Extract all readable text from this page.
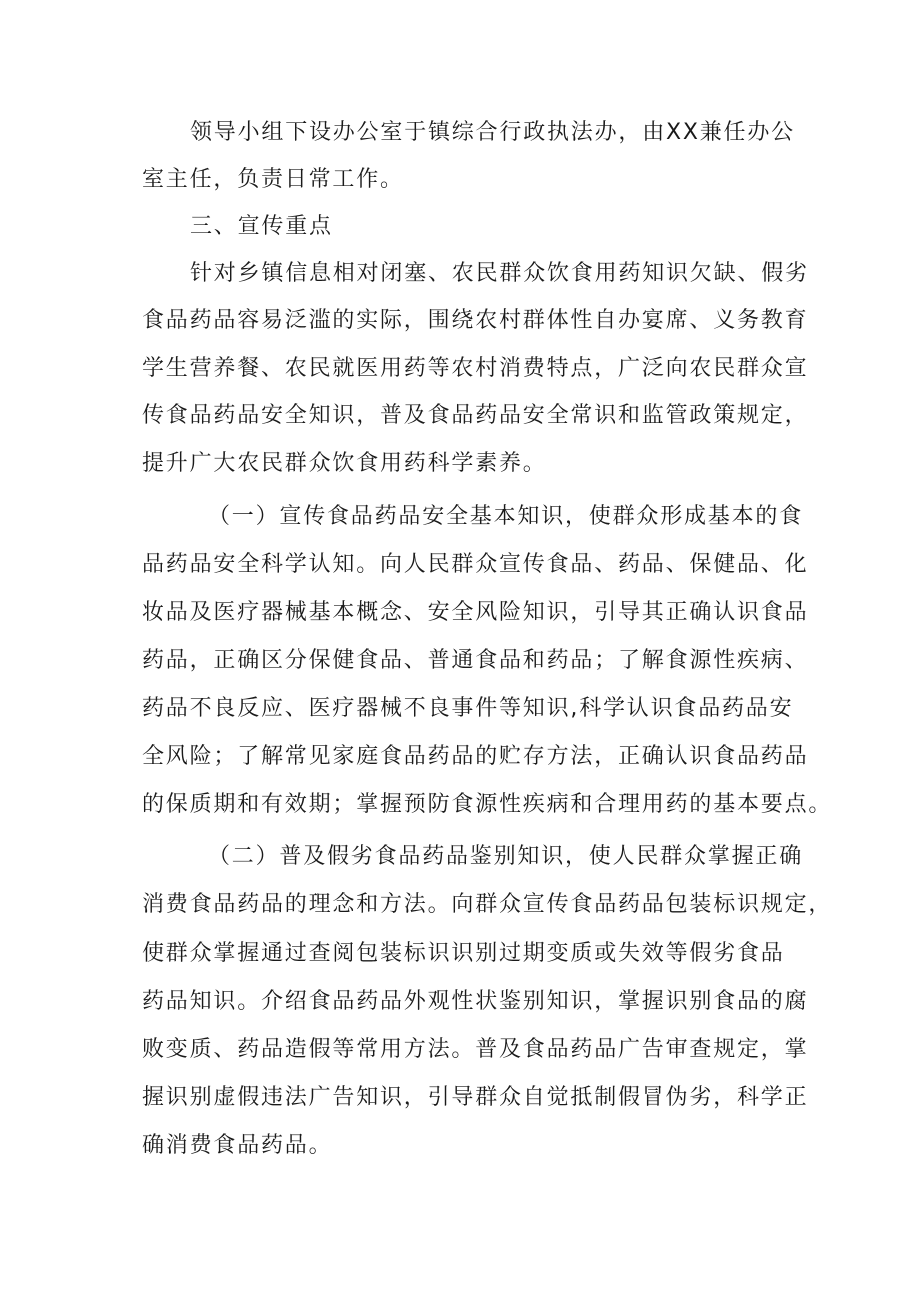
领导小组下设办公室于镇综合行政执法办，由XX兼任办公
室主任，负责日常工作。
三、宣传重点
针对乡镇信息相对闭塞、农民群众饮食用药知识欠缺、假劣
食品药品容易泛滥的实际，围绕农村群体性自办宴席、义务教育
学生营养餐、农民就医用药等农村消费特点，广泛向农民群众宣
传食品药品安全知识，普及食品药品安全常识和监管政策规定，
提升广大农民群众饮食用药科学素养。
（一）宣传食品药品安全基本知识，使群众形成基本的食
品药品安全科学认知。向人民群众宣传食品、药品、保健品、化
妆品及医疗器械基本概念、安全风险知识，引导其正确认识食品
药品，正确区分保健食品、普通食品和药品；了解食源性疾病、
药品不良反应、医疗器械不良事件等知识,科学认识食品药品安
全风险；了解常见家庭食品药品的贮存方法，正确认识食品药品
的保质期和有效期；掌握预防食源性疾病和合理用药的基本要点。
（二）普及假劣食品药品鉴别知识，使人民群众掌握正确
消费食品药品的理念和方法。向群众宣传食品药品包装标识规定，
使群众掌握通过查阅包装标识识别过期变质或失效等假劣食品
药品知识。介绍食品药品外观性状鉴别知识，掌握识别食品的腐
败变质、药品造假等常用方法。普及食品药品广告审查规定，掌
握识别虚假违法广告知识，引导群众自觉抵制假冒伪劣，科学正
确消费食品药品。
